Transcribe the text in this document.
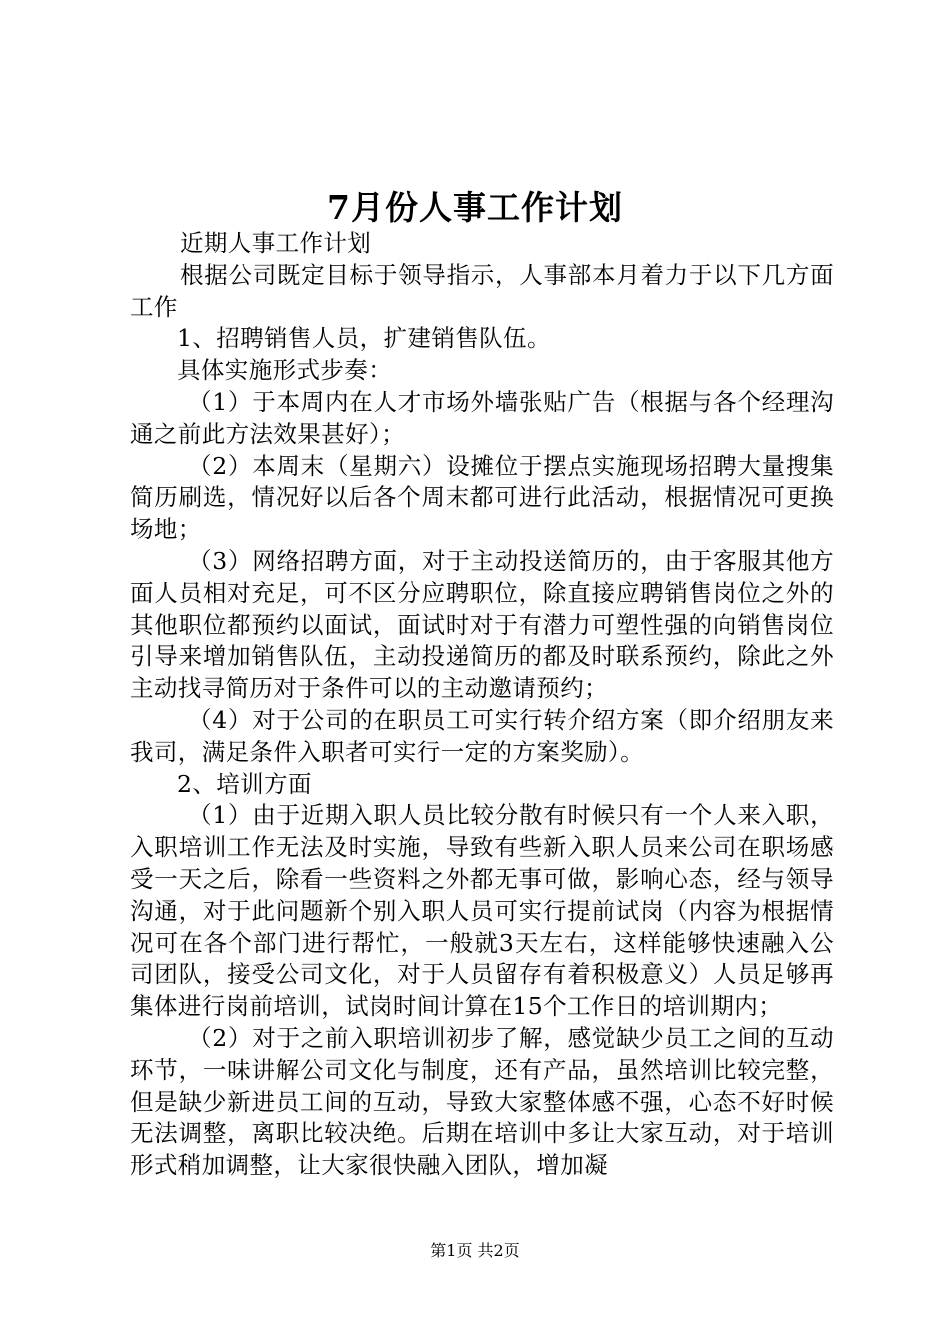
7月份人事工作计划

近期人事工作计划

根据公司既定目标于领导指示，人事部本月着力于以下几方面工作

1、招聘销售人员，扩建销售队伍。

具体实施形式步奏：

（1）于本周内在人才市场外墙张贴广告（根据与各个经理沟通之前此方法效果甚好）；

（2）本周末（星期六）设摊位于摆点实施现场招聘大量搜集简历刷选，情况好以后各个周末都可进行此活动，根据情况可更换场地；

（3）网络招聘方面，对于主动投送简历的，由于客服其他方面人员相对充足，可不区分应聘职位，除直接应聘销售岗位之外的其他职位都预约以面试，面试时对于有潜力可塑性强的向销售岗位引导来增加销售队伍，主动投递简历的都及时联系预约，除此之外主动找寻简历对于条件可以的主动邀请预约；

（4）对于公司的在职员工可实行转介绍方案（即介绍朋友来我司，满足条件入职者可实行一定的方案奖励）。

2、培训方面

（1）由于近期入职人员比较分散有时候只有一个人来入职，入职培训工作无法及时实施，导致有些新入职人员来公司在职场感受一天之后，除看一些资料之外都无事可做，影响心态，经与领导沟通，对于此问题新个别入职人员可实行提前试岗（内容为根据情况可在各个部门进行帮忙，一般就3天左右，这样能够快速融入公司团队，接受公司文化，对于人员留存有着积极意义）人员足够再集体进行岗前培训，试岗时间计算在15个工作日的培训期内；

（2）对于之前入职培训初步了解，感觉缺少员工之间的互动环节，一味讲解公司文化与制度，还有产品，虽然培训比较完整，但是缺少新进员工间的互动，导致大家整体感不强，心态不好时候无法调整，离职比较决绝。后期在培训中多让大家互动，对于培训形式稍加调整，让大家很快融入团队，增加凝

第1页 共2页
